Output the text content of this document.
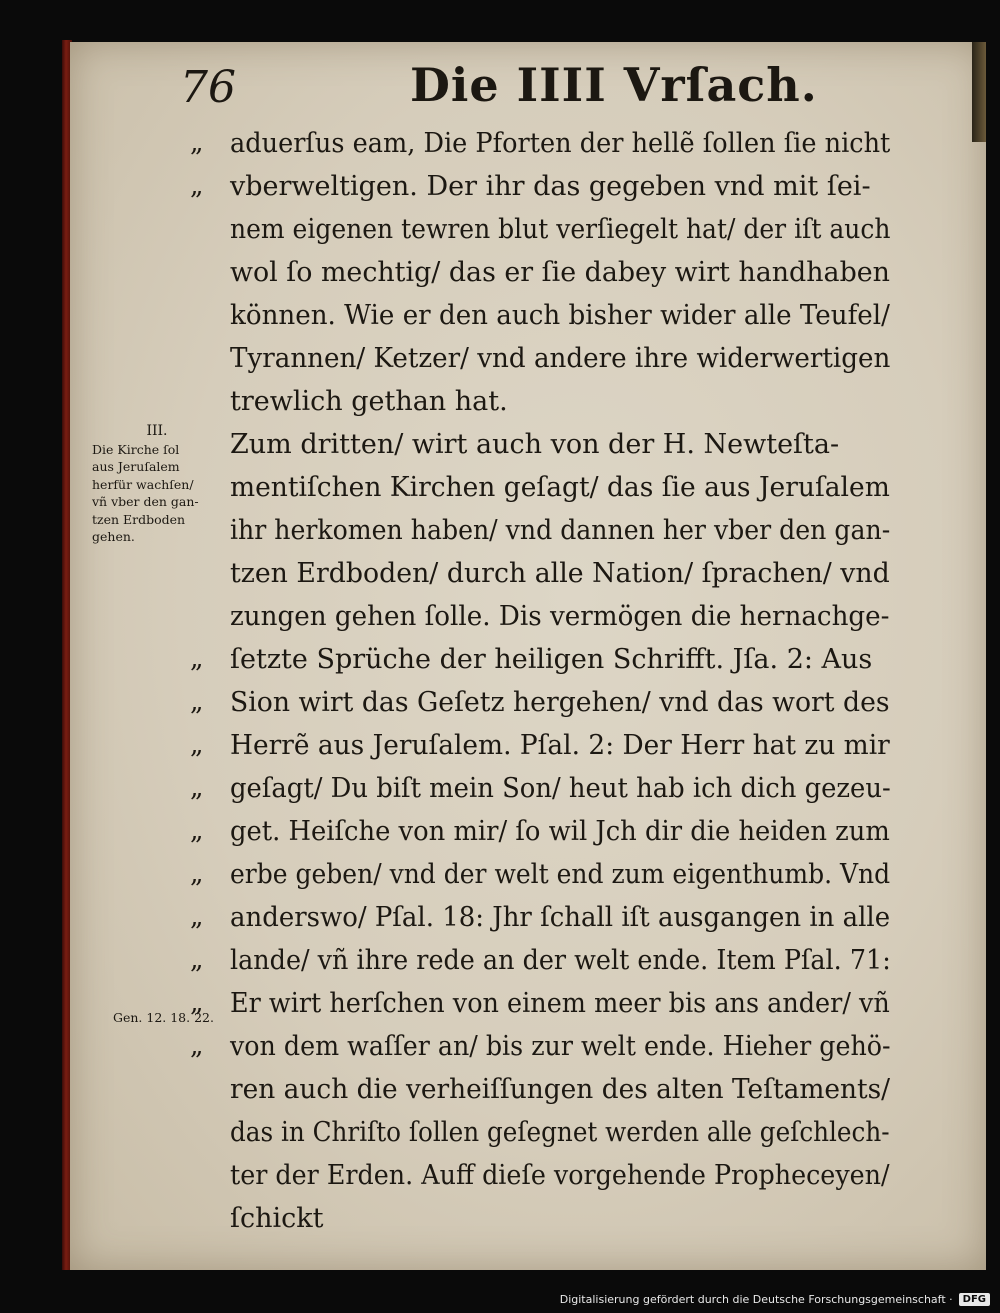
76	Die IIII Vrſach.
„ aduerſus eam, Die Pforten der hellẽ ſollen ſie nicht
„ vberweltigen. Der ihr das gegeben vnd mit ſei-
nem eigenen tewren blut verſiegelt hat/ der iſt auch
wol ſo mechtig/ das er ſie dabey wirt handhaben
können. Wie er den auch bisher wider alle Teufel/
Tyrannen/ Ketzer/ vnd andere ihre widerwertigen
trewlich gethan hat.
Zum dritten/ wirt auch von der H. Newteſta-
mentiſchen Kirchen geſagt/ das ſie aus Jeruſalem
ihr herkomen haben/ vnd dannen her vber den gan-
tzen Erdboden/ durch alle Nation/ ſprachen/ vnd
zungen gehen ſolle. Dis vermögen die hernachge-
„ ſetzte Sprüche der heiligen Schrifft. Jſa. 2: Aus
„ Sion wirt das Geſetz hergehen/ vnd das wort des
„ Herrẽ aus Jeruſalem. Pſal. 2: Der Herr hat zu mir
„ geſagt/ Du biſt mein Son/ heut hab ich dich gezeu-
„ get. Heiſche von mir/ ſo wil Jch dir die heiden zum
„ erbe geben/ vnd der welt end zum eigenthumb. Vnd
„ anderswo/ Pſal. 18: Jhr ſchall iſt ausgangen in alle
„ lande/ vñ ihre rede an der welt ende. Item Pſal. 71:
„ Er wirt herſchen von einem meer bis ans ander/ vñ
„ von dem waſſer an/ bis zur welt ende. Hieher gehö-
ren auch die verheiſſungen des alten Teſtaments/
das in Chriſto ſollen geſegnet werden alle geſchlech-
ter der Erden. Auff dieſe vorgehende Propheceyen/
ſchickt
III.
Die Kirche ſol
aus Jeruſalem
herfür wachſen/
vñ vber den gan-
tzen Erdboden
gehen.
Gen. 12. 18. 22.
Digitalisierung gefördert durch die Deutsche Forschungsgemeinschaft ·	DFG
